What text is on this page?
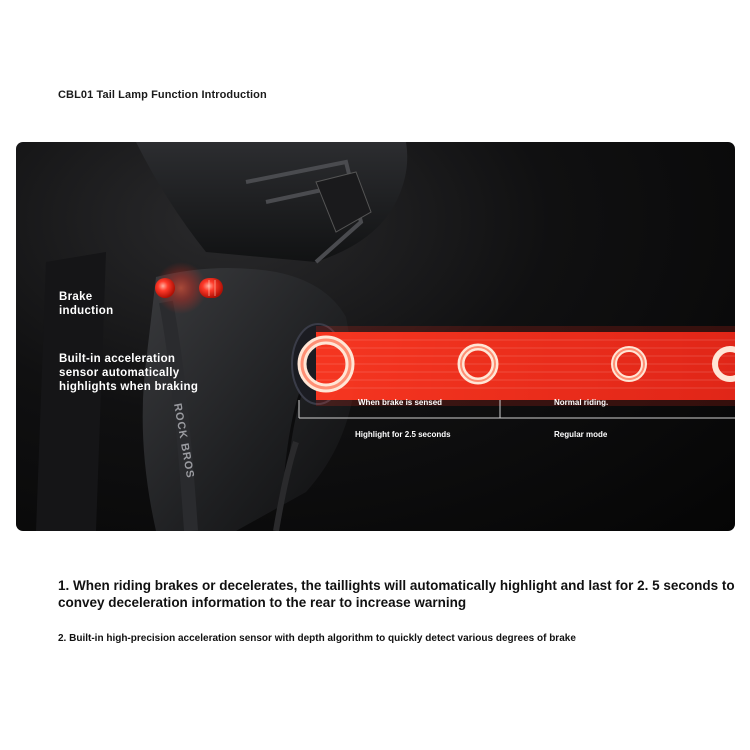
CBL01 Tail Lamp Function Introduction
ROCK BROS
Brake
induction
Built-in acceleration
sensor automatically
highlights when braking
When brake is sensed
Highlight for 2.5 seconds
Normal riding.
Regular mode
1. When riding brakes or decelerates, the taillights will automatically highlight and last for 2. 5 seconds to convey deceleration information to the rear to increase warning
2. Built-in high-precision acceleration sensor with depth algorithm to quickly detect various degrees of brake
